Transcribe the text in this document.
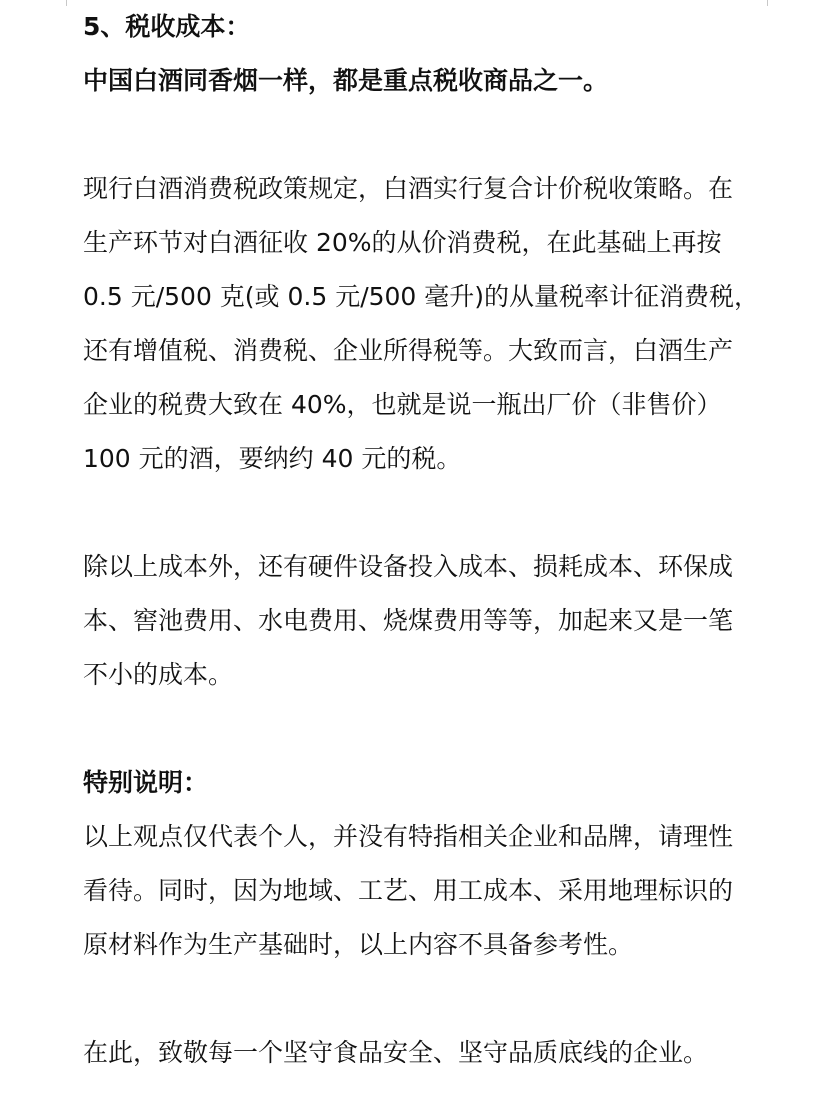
5、税收成本：
中国白酒同香烟一样，都是重点税收商品之一。
现行白酒消费税政策规定，白酒实行复合计价税收策略。在
生产环节对白酒征收 20%的从价消费税，在此基础上再按
0.5 元/500 克(或 0.5 元/500 毫升)的从量税率计征消费税，
还有增值税、消费税、企业所得税等。大致而言，白酒生产
企业的税费大致在 40%，也就是说一瓶出厂价（非售价）
100 元的酒，要纳约 40 元的税。
除以上成本外，还有硬件设备投入成本、损耗成本、环保成
本、窖池费用、水电费用、烧煤费用等等，加起来又是一笔
不小的成本。
特别说明：
以上观点仅代表个人，并没有特指相关企业和品牌，请理性
看待。同时，因为地域、工艺、用工成本、采用地理标识的
原材料作为生产基础时，以上内容不具备参考性。
在此，致敬每一个坚守食品安全、坚守品质底线的企业。
